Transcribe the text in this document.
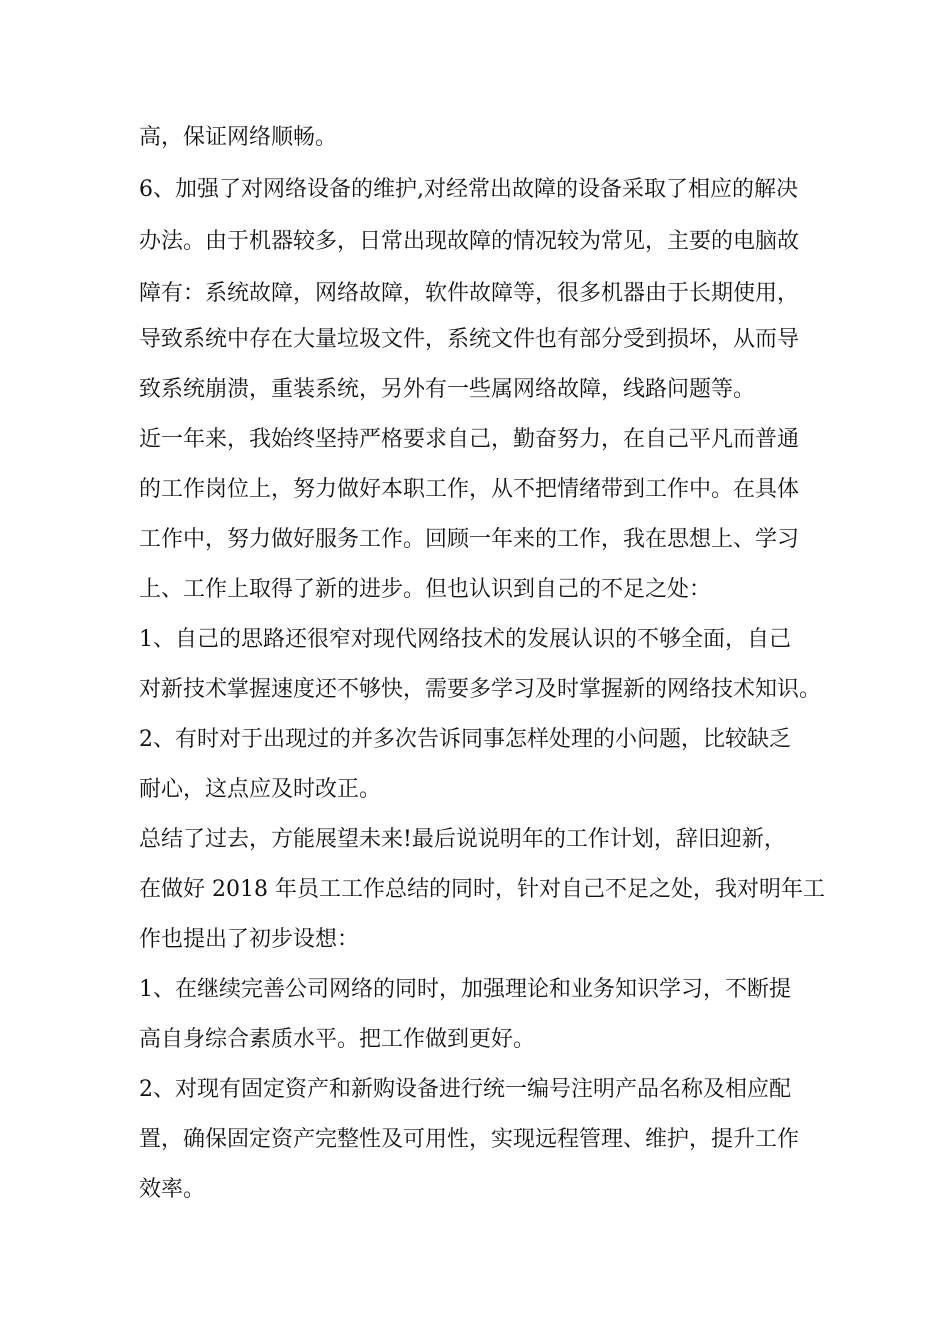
高，保证网络顺畅。
6、加强了对网络设备的维护,对经常出故障的设备采取了相应的解决
办法。由于机器较多，日常出现故障的情况较为常见，主要的电脑故
障有：系统故障，网络故障，软件故障等，很多机器由于长期使用，
导致系统中存在大量垃圾文件，系统文件也有部分受到损坏，从而导
致系统崩溃，重装系统，另外有一些属网络故障，线路问题等。
近一年来，我始终坚持严格要求自己，勤奋努力，在自己平凡而普通
的工作岗位上，努力做好本职工作，从不把情绪带到工作中。在具体
工作中，努力做好服务工作。回顾一年来的工作，我在思想上、学习
上、工作上取得了新的进步。但也认识到自己的不足之处：
1、自己的思路还很窄对现代网络技术的发展认识的不够全面，自己
对新技术掌握速度还不够快，需要多学习及时掌握新的网络技术知识。
2、有时对于出现过的并多次告诉同事怎样处理的小问题，比较缺乏
耐心，这点应及时改正。
总结了过去，方能展望未来!最后说说明年的工作计划，辞旧迎新，
在做好 2018 年员工工作总结的同时，针对自己不足之处，我对明年工
作也提出了初步设想：
1、在继续完善公司网络的同时，加强理论和业务知识学习，不断提
高自身综合素质水平。把工作做到更好。
2、对现有固定资产和新购设备进行统一编号注明产品名称及相应配
置，确保固定资产完整性及可用性，实现远程管理、维护，提升工作
效率。
